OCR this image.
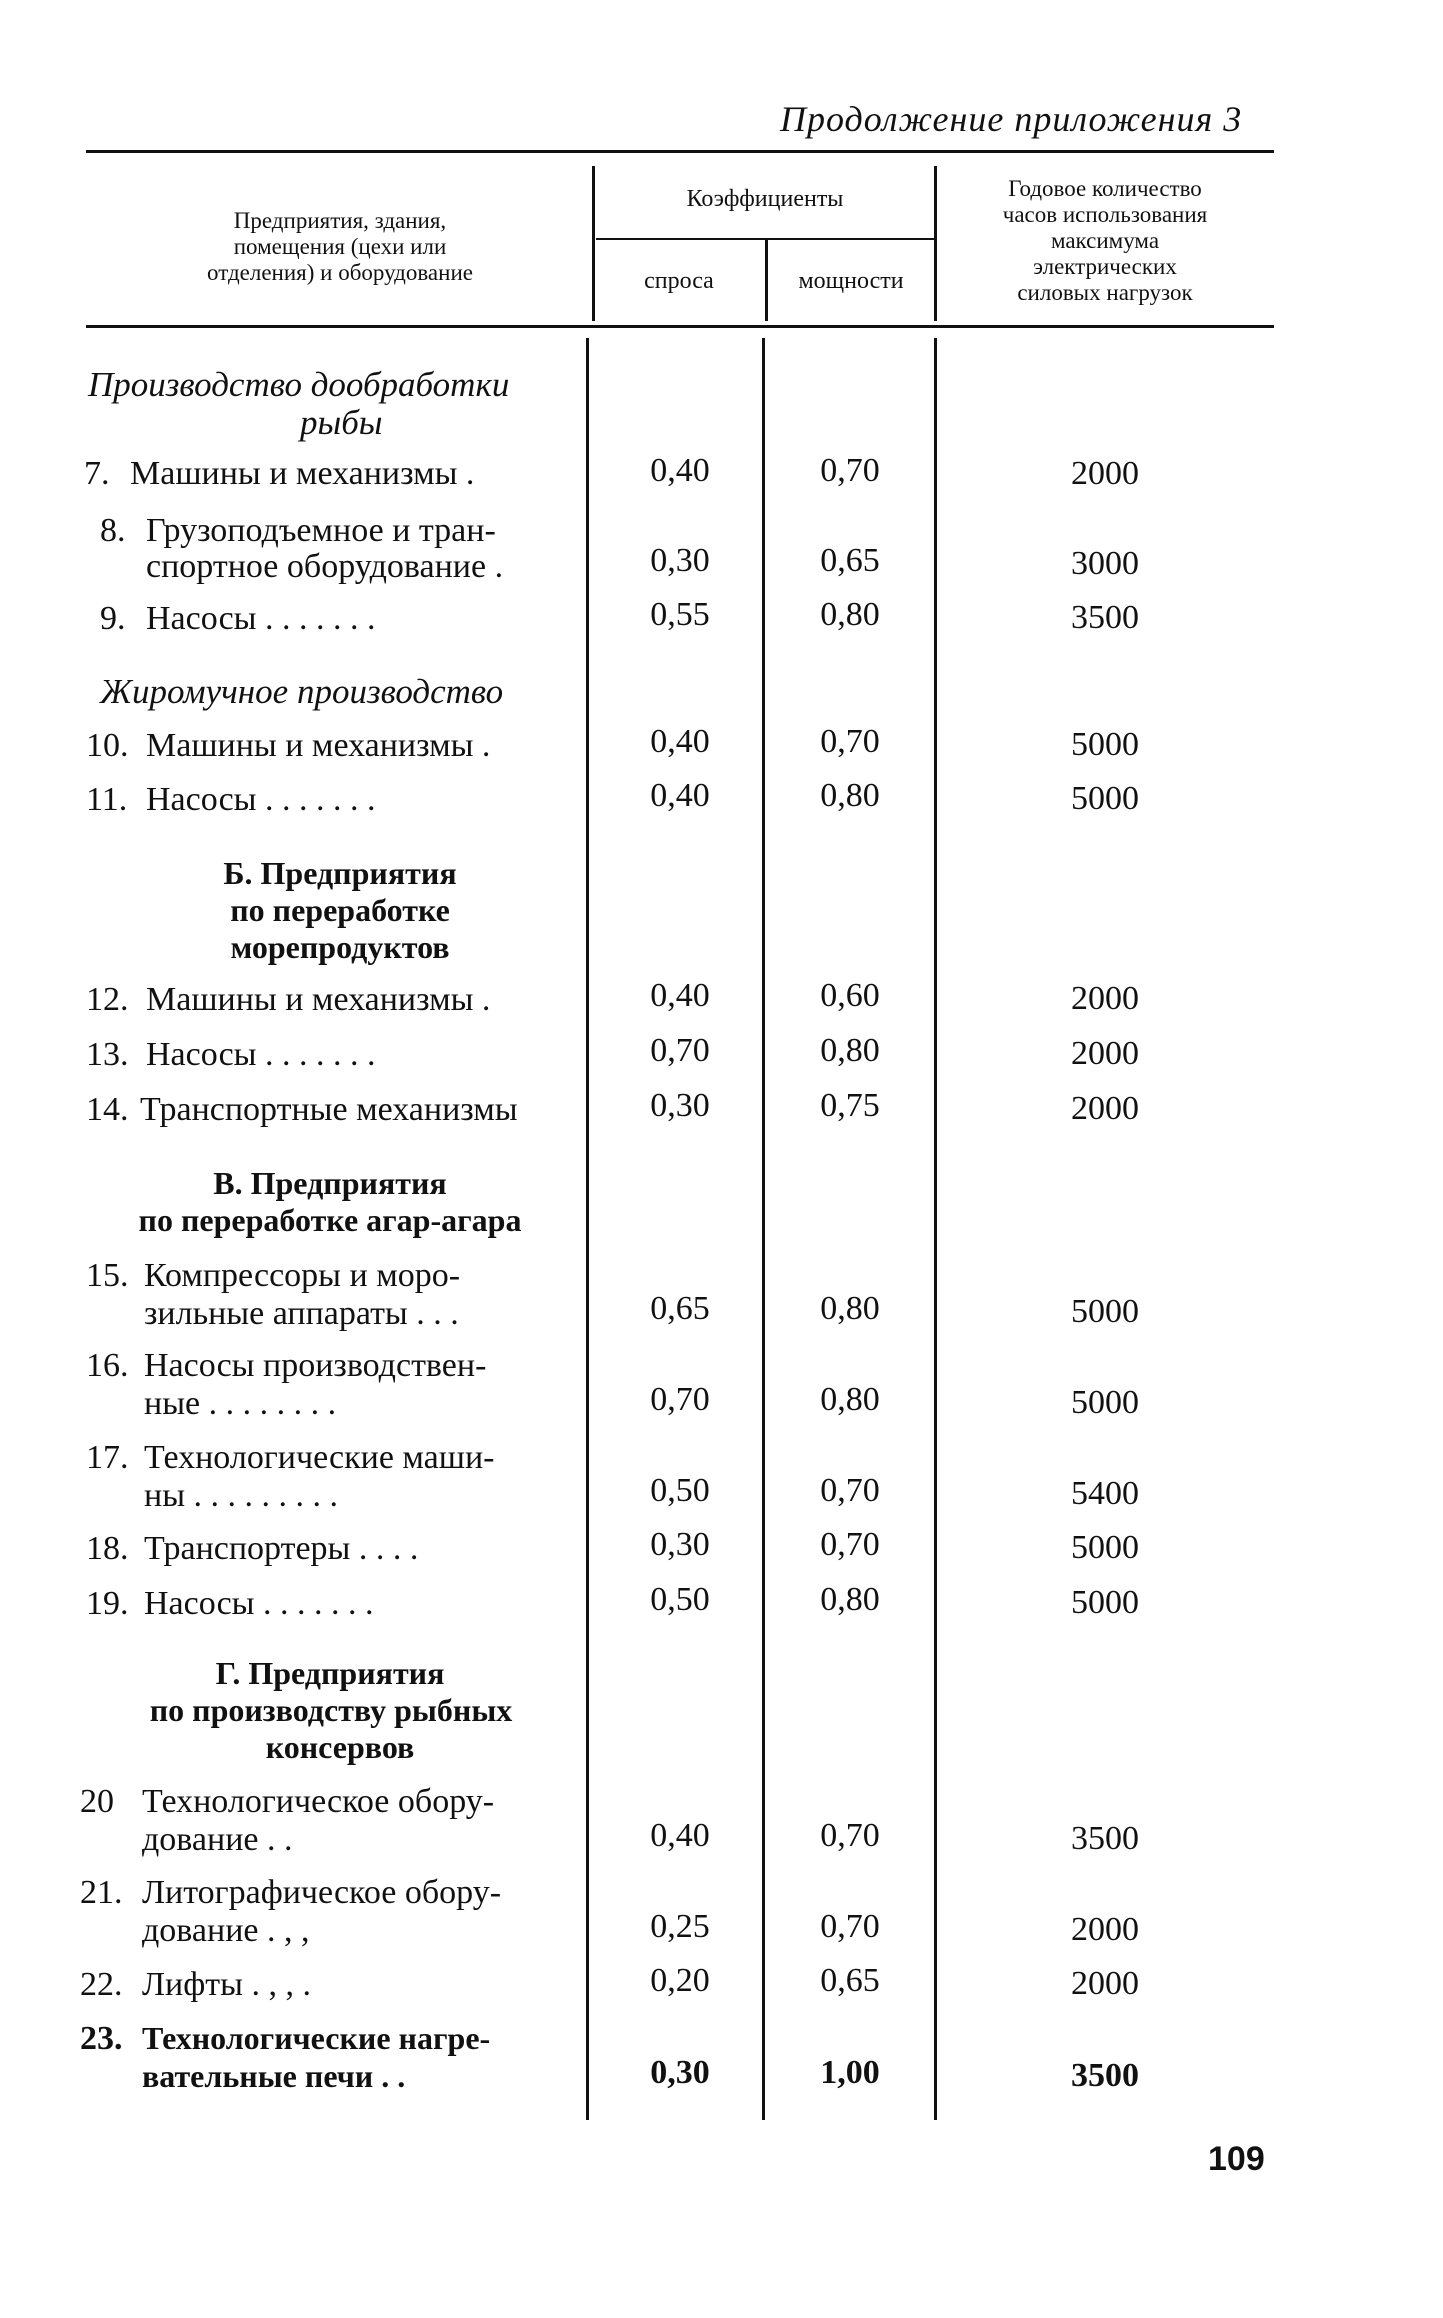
Продолжение приложения 3
Предприятия, здания,
помещения (цехи или
отделения) и оборудование
Коэффициенты
спроса	мощности
Годовое количество
часов использования
максимума
электрических
силовых нагрузок
Производство дообработки
рыбы
7. Машины и механизмы .	0,40	0,70	2000
8. Грузоподъемное и тран-
спортное оборудование .	0,30	0,65	3000
9. Насосы . . . . . . .	0,55	0,80	3500
Жиромучное производство
10. Машины и механизмы .	0,40	0,70	5000
11. Насосы . . . . . . .	0,40	0,80	5000
Б. Предприятия
по переработке
морепродуктов
12. Машины и механизмы .	0,40	0,60	2000
13. Насосы . . . . . . .	0,70	0,80	2000
14. Транспортные механизмы	0,30	0,75	2000
В. Предприятия
по переработке агар-агара
15. Компрессоры и моро-
зильные аппараты . . .	0,65	0,80	5000
16. Насосы производствен-
ные . . . . . . . .	0,70	0,80	5000
17. Технологические маши-
ны . . . . . . . . .	0,50	0,70	5400
18. Транспортеры . . . .	0,30	0,70	5000
19. Насосы . . . . . . .	0,50	0,80	5000
Г. Предприятия
по производству рыбных
консервов
20 Технологическое обору-
дование . .	0,40	0,70	3500
21. Литографическое обору-
дование . , ,	0,25	0,70	2000
22. Лифты . , , .	0,20	0,65	2000
23. Технологические нагре-
вательные печи . .	0,30	1,00	3500
109
